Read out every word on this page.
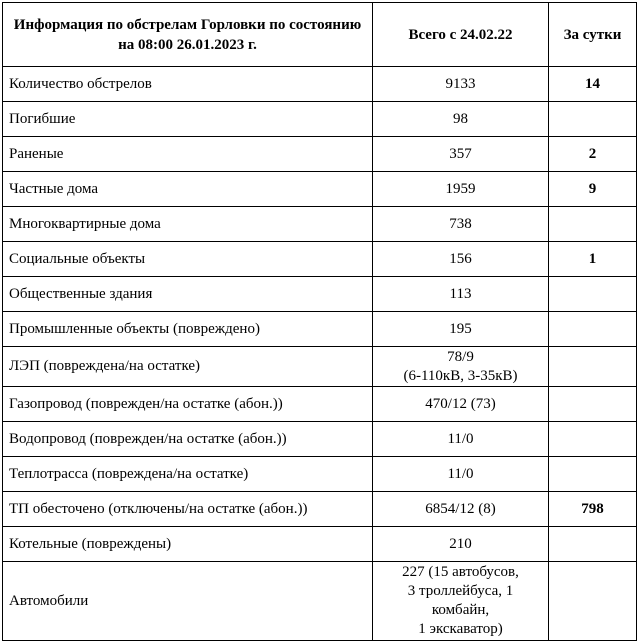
Информация по обстрелам Горловки по состоянию на 08:00 26.01.2023 г.	Всего с 24.02.22	За сутки
Количество обстрелов	9133	14
Погибшие	98	
Раненые	357	2
Частные дома	1959	9
Многоквартирные дома	738	
Социальные объекты	156	1
Общественные здания	113	
Промышленные объекты (повреждено)	195	
ЛЭП (повреждена/на остатке)	78/9
(6-110кВ, 3-35кВ)	
Газопровод (поврежден/на остатке (абон.))	470/12 (73)	
Водопровод (поврежден/на остатке (абон.))	11/0	
Теплотрасса (повреждена/на остатке)	11/0	
ТП обесточено (отключены/на остатке (абон.))	6854/12 (8)	798
Котельные (повреждены)	210	
Автомобили	227 (15 автобусов,
3 троллейбуса, 1
комбайн,
1 экскаватор)	
